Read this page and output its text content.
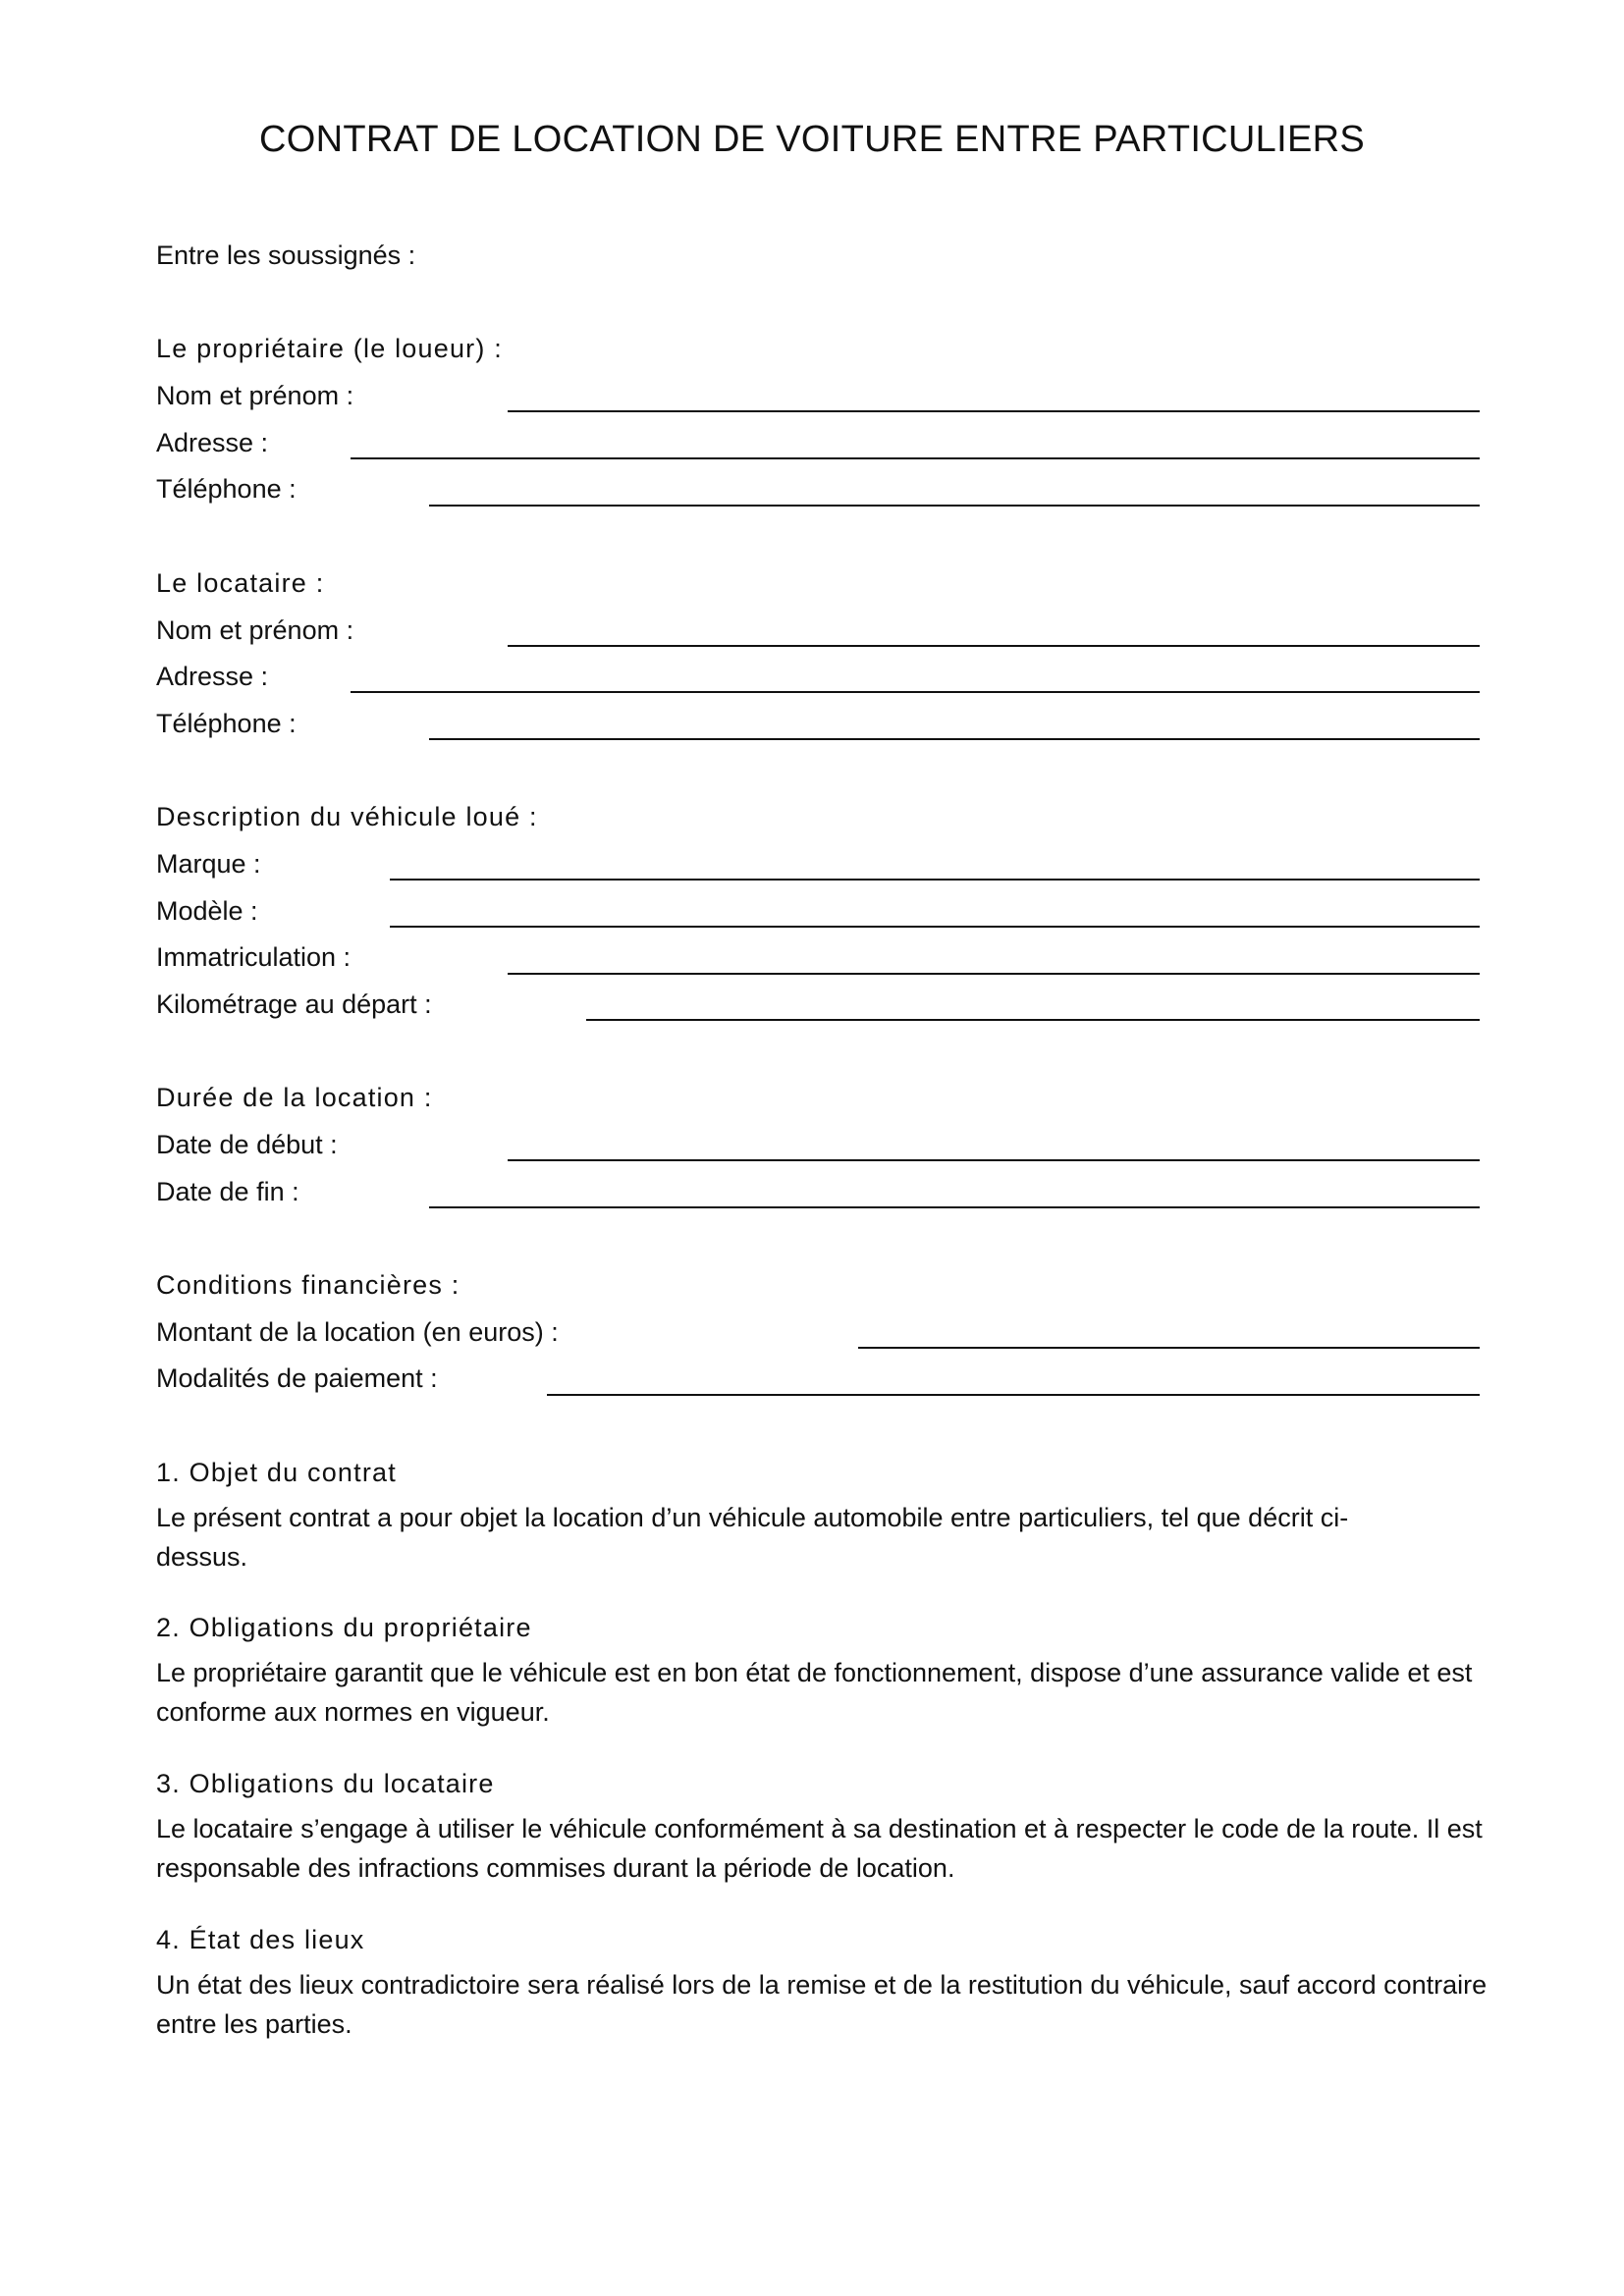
CONTRAT DE LOCATION DE VOITURE ENTRE PARTICULIERS
Entre les soussignés :
Le propriétaire (le loueur) :
Nom et prénom :
Adresse :
Téléphone :
Le locataire :
Nom et prénom :
Adresse :
Téléphone :
Description du véhicule loué :
Marque :
Modèle :
Immatriculation :
Kilométrage au départ :
Durée de la location :
Date de début :
Date de fin :
Conditions financières :
Montant de la location (en euros) :
Modalités de paiement :
1. Objet du contrat
Le présent contrat a pour objet la location d’un véhicule automobile entre particuliers, tel que décrit ci-dessus.
2. Obligations du propriétaire
Le propriétaire garantit que le véhicule est en bon état de fonctionnement, dispose d’une assurance valide et est conforme aux normes en vigueur.
3. Obligations du locataire
Le locataire s’engage à utiliser le véhicule conformément à sa destination et à respecter le code de la route. Il est responsable des infractions commises durant la période de location.
4. État des lieux
Un état des lieux contradictoire sera réalisé lors de la remise et de la restitution du véhicule, sauf accord contraire entre les parties.
